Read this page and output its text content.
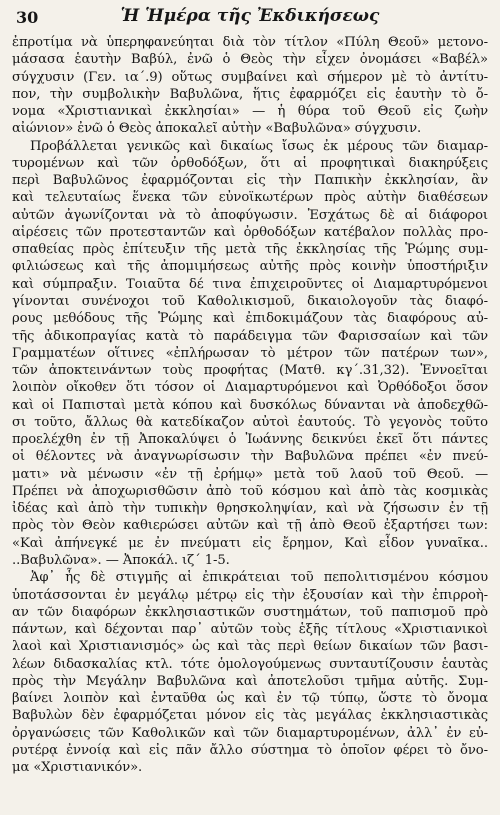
30	Ἡ Ἡμέρα τῆς Ἐκδικήσεως
ἐπροτίμα νὰ ὑπερηφανεύηται διὰ τὸν τίτλον «Πύλη Θεοῦ» μετονο-
μάσασα ἑαυτὴν Βαβύλ, ἐνῶ ὁ Θεὸς τὴν εἶχεν ὀνομάσει «Βαβέλ»
σύγχυσιν (Γεν. ια΄.9) οὕτως συμβαίνει καὶ σήμερον μὲ τὸ ἀντίτυ-
πον, τὴν συμβολικὴν Βαβυλῶνα, ἥτις ἐφαρμόζει εἰς ἑαυτὴν τὸ ὄ-
νομα «Χριστιανικαὶ ἐκκλησίαι» — ἡ θύρα τοῦ Θεοῦ εἰς ζωὴν
αἰώνιον» ἐνῶ ὁ Θεὸς ἀποκαλεῖ αὐτὴν «Βαβυλῶνα» σύγχυσιν.
Προβάλλεται γενικῶς καὶ δικαίως ἴσως ἐκ μέρους τῶν διαμαρ-
τυρομένων καὶ τῶν ὀρθοδόξων, ὅτι αἱ προφητικαὶ διακηρύξεις
περὶ Βαβυλῶνος ἐφαρμόζονται εἰς τὴν Παπικὴν ἐκκλησίαν, ἂν
καὶ τελευταίως ἕνεκα τῶν εὐνοϊκωτέρων πρὸς αὐτὴν διαθέσεων
αὐτῶν ἀγωνίζονται νὰ τὸ ἀποφύγωσιν. Ἐσχάτως δὲ αἱ διάφοροι
αἱρέσεις τῶν προτεσταντῶν καὶ ὀρθοδόξων κατέβαλον πολλὰς προ-
σπαθείας πρὸς ἐπίτευξιν τῆς μετὰ τῆς ἐκκλησίας τῆς Ῥώμης συμ-
φιλιώσεως καὶ τῆς ἀπομιμήσεως αὐτῆς πρὸς κοινὴν ὑποστήριξιν
καὶ σύμπραξιν. Τοιαῦτα δέ τινα ἐπιχειροῦντες οἱ Διαμαρτυρόμενοι
γίνονται συνένοχοι τοῦ Καθολικισμοῦ, δικαιολογοῦν τὰς διαφό-
ρους μεθόδους τῆς Ῥώμης καὶ ἐπιδοκιμάζουν τὰς διαφόρους αὐ-
τῆς ἀδικοπραγίας κατὰ τὸ παράδειγμα τῶν Φαρισσαίων καὶ τῶν
Γραμματέων οἵτινες «ἐπλήρωσαν τὸ μέτρον τῶν πατέρων των»,
τῶν ἀποκτεινάντων τοὺς προφήτας (Ματθ. κγ΄.31,32). Ἐννοεῖται
λοιπὸν οἴκοθεν ὅτι τόσον οἱ Διαμαρτυρόμενοι καὶ Ὀρθόδοξοι ὅσον
καὶ οἱ Παπισταὶ μετὰ κόπου καὶ δυσκόλως δύνανται νὰ ἀποδεχθῶ-
σι τοῦτο, ἄλλως θὰ κατεδίκαζον αὐτοὶ ἑαυτούς. Τὸ γεγονὸς τοῦτο
προελέχθη ἐν τῇ Ἀποκαλύψει ὁ Ἰωάννης δεικνύει ἐκεῖ ὅτι πάντες
οἱ θέλοντες νὰ ἀναγνωρίσωσιν τὴν Βαβυλῶνα πρέπει «ἐν πνεύ-
ματι» νὰ μένωσιν «ἐν τῇ ἐρήμῳ» μετὰ τοῦ λαοῦ τοῦ Θεοῦ. —
Πρέπει νὰ ἀποχωρισθῶσιν ἀπὸ τοῦ κόσμου καὶ ἀπὸ τὰς κοσμικὰς
ἰδέας καὶ ἀπὸ τὴν τυπικὴν θρησκοληψίαν, καὶ νὰ ζήσωσιν ἐν τῇ
πρὸς τὸν Θεὸν καθιερώσει αὐτῶν καὶ τῇ ἀπὸ Θεοῦ ἐξαρτήσει των:
«Καὶ ἀπήνεγκέ με ἐν πνεύματι εἰς ἔρημον, Καὶ εἶδον γυναῖκα..
..Βαβυλῶνα». — Ἀποκάλ. ιζ΄ 1-5.
Ἀφ᾽ ἧς δὲ στιγμῆς αἱ ἐπικράτειαι τοῦ πεπολιτισμένου κόσμου
ὑποτάσσονται ἐν μεγάλῳ μέτρῳ εἰς τὴν ἐξουσίαν καὶ τὴν ἐπιρροὴ-
αν τῶν διαφόρων ἐκκλησιαστικῶν συστημάτων, τοῦ παπισμοῦ πρὸ
πάντων, καὶ δέχονται παρ᾽ αὐτῶν τοὺς ἑξῆς τίτλους «Χριστιανικοὶ
λαοὶ καὶ Χριστιανισμός» ὡς καὶ τὰς περὶ θείων δικαίων τῶν βασι-
λέων διδασκαλίας κτλ. τότε ὁμολογούμενως συνταυτίζουσιν ἑαυτὰς
πρὸς τὴν Μεγάλην Βαβυλῶνα καὶ ἀποτελοῦσι τμῆμα αὐτῆς. Συμ-
βαίνει λοιπὸν καὶ ἐνταῦθα ὡς καὶ ἐν τῷ τύπῳ, ὥστε τὸ ὄνομα
Βαβυλὼν δὲν ἐφαρμόζεται μόνον εἰς τὰς μεγάλας ἐκκλησιαστικὰς
ὀργανώσεις τῶν Καθολικῶν καὶ τῶν διαμαρτυρομένων, ἀλλ᾽ ἐν εὐ-
ρυτέρᾳ ἐννοίᾳ καὶ εἰς πᾶν ἄλλο σύστημα τὸ ὁποῖον φέρει τὸ ὄνο-
μα «Χριστιανικόν».
